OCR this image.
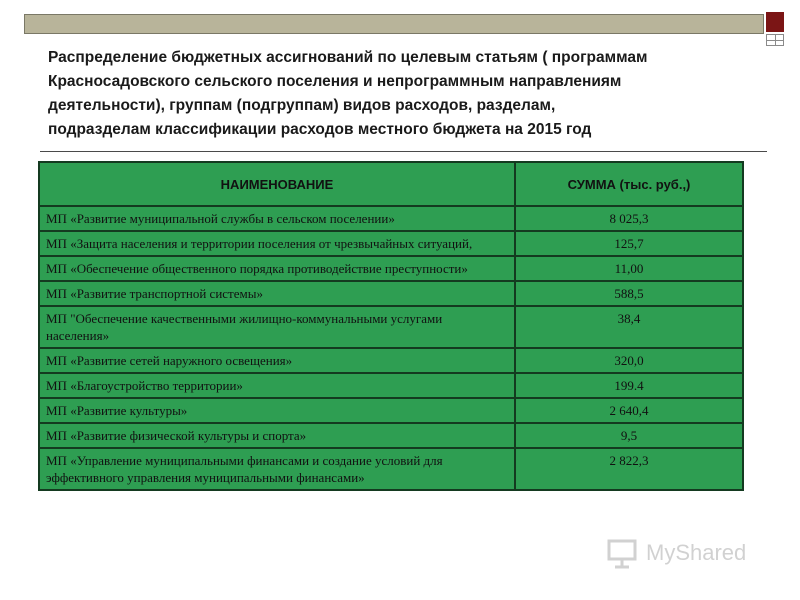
Распределение бюджетных ассигнований по целевым статьям ( программам
Красносадовского сельского поселения и непрограммным направлениям
деятельности), группам (подгруппам) видов расходов, разделам,
подразделам классификации расходов местного бюджета на 2015 год
НАИМЕНОВАНИЕ	СУММА (тыс. руб.,)
МП «Развитие муниципальной службы в сельском поселении»	8 025,3
МП «Защита населения и территории поселения от чрезвычайных ситуаций,	125,7
МП «Обеспечение общественного порядка противодействие преступности»	11,00
МП «Развитие транспортной системы»	588,5
МП "Обеспечение качественными жилищно-коммунальными услугами населения»	38,4
МП «Развитие сетей наружного освещения»	320,0
МП «Благоустройство территории»	199.4
МП «Развитие культуры»	2 640,4
МП «Развитие физической культуры и спорта»	9,5
МП «Управление муниципальными финансами и создание условий для эффективного управления муниципальными финансами»	2 822,3
MyShared
